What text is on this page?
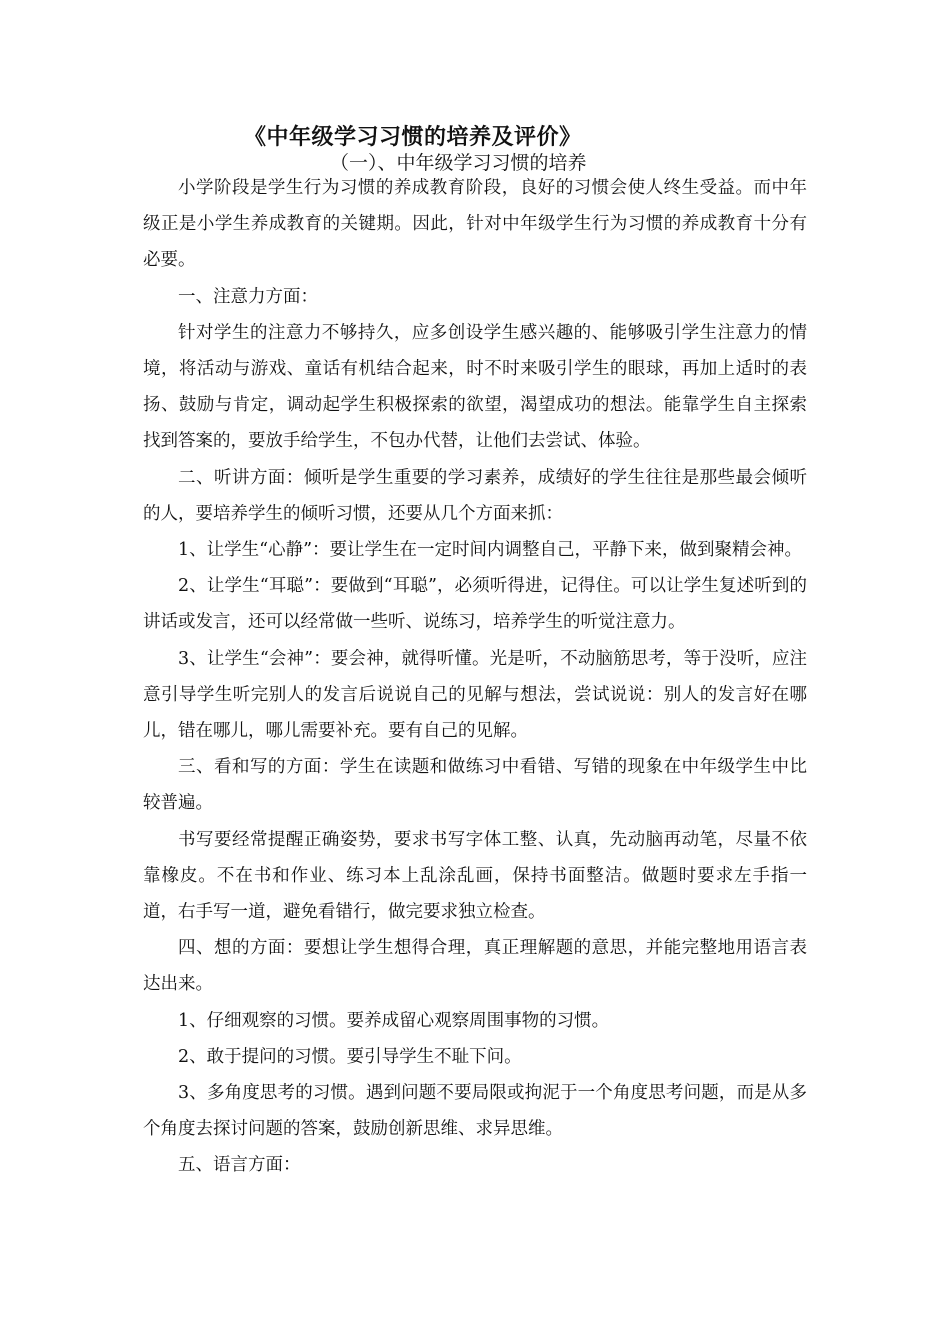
《中年级学习习惯的培养及评价》
（一）、中年级学习习惯的培养

小学阶段是学生行为习惯的养成教育阶段，良好的习惯会使人终生受益。而中年级正是小学生养成教育的关键期。因此，针对中年级学生行为习惯的养成教育十分有必要。

一、注意力方面：

针对学生的注意力不够持久，应多创设学生感兴趣的、能够吸引学生注意力的情境，将活动与游戏、童话有机结合起来，时不时来吸引学生的眼球，再加上适时的表扬、鼓励与肯定，调动起学生积极探索的欲望，渴望成功的想法。能靠学生自主探索找到答案的，要放手给学生，不包办代替，让他们去尝试、体验。

二、听讲方面：倾听是学生重要的学习素养，成绩好的学生往往是那些最会倾听的人，要培养学生的倾听习惯，还要从几个方面来抓：

1、让学生“心静”：要让学生在一定时间内调整自己，平静下来，做到聚精会神。

2、让学生“耳聪”：要做到“耳聪”，必须听得进，记得住。可以让学生复述听到的讲话或发言，还可以经常做一些听、说练习，培养学生的听觉注意力。

3、让学生“会神”：要会神，就得听懂。光是听，不动脑筋思考，等于没听，应注意引导学生听完别人的发言后说说自己的见解与想法，尝试说说：别人的发言好在哪儿，错在哪儿，哪儿需要补充。要有自己的见解。

三、看和写的方面：学生在读题和做练习中看错、写错的现象在中年级学生中比较普遍。

书写要经常提醒正确姿势，要求书写字体工整、认真，先动脑再动笔，尽量不依靠橡皮。不在书和作业、练习本上乱涂乱画，保持书面整洁。做题时要求左手指一道，右手写一道，避免看错行，做完要求独立检查。

四、想的方面：要想让学生想得合理，真正理解题的意思，并能完整地用语言表达出来。

1、仔细观察的习惯。要养成留心观察周围事物的习惯。

2、敢于提问的习惯。要引导学生不耻下问。

3、多角度思考的习惯。遇到问题不要局限或拘泥于一个角度思考问题，而是从多个角度去探讨问题的答案，鼓励创新思维、求异思维。

五、语言方面：
